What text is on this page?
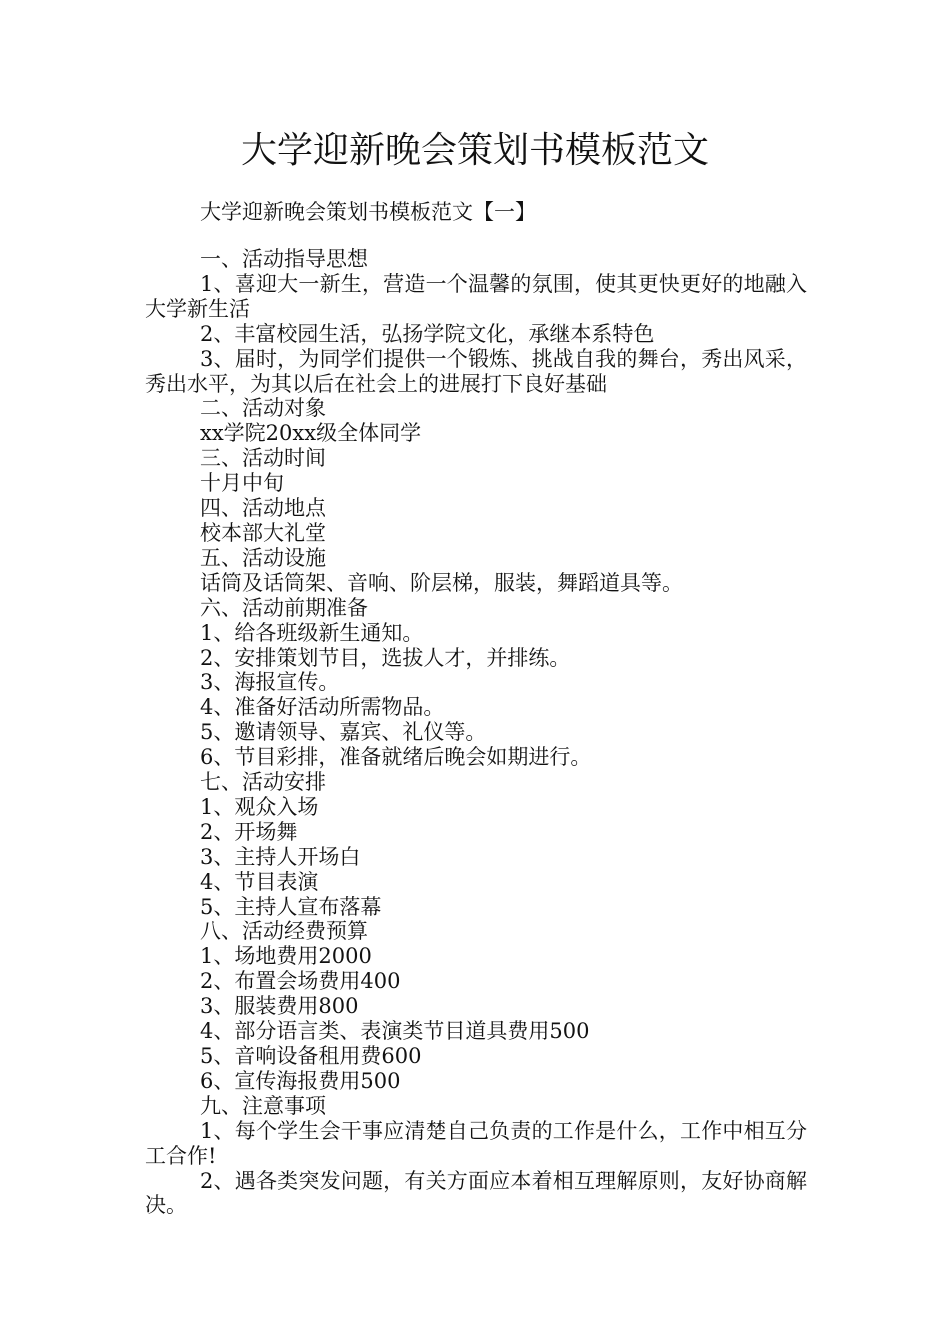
大学迎新晚会策划书模板范文
大学迎新晚会策划书模板范文【一】

一、活动指导思想

1、喜迎大一新生，营造一个温馨的氛围，使其更快更好的地融入大学新生活

2、丰富校园生活，弘扬学院文化，承继本系特色

3、届时，为同学们提供一个锻炼、挑战自我的舞台，秀出风采，秀出水平，为其以后在社会上的进展打下良好基础

二、活动对象

xx学院20xx级全体同学

三、活动时间

十月中旬

四、活动地点

校本部大礼堂

五、活动设施

话筒及话筒架、音响、阶层梯，服装，舞蹈道具等。

六、活动前期准备

1、给各班级新生通知。

2、安排策划节目，选拔人才，并排练。

3、海报宣传。

4、准备好活动所需物品。

5、邀请领导、嘉宾、礼仪等。

6、节目彩排，准备就绪后晚会如期进行。

七、活动安排

1、观众入场

2、开场舞

3、主持人开场白

4、节目表演

5、主持人宣布落幕

八、活动经费预算

1、场地费用2000

2、布置会场费用400

3、服装费用800

4、部分语言类、表演类节目道具费用500

5、音响设备租用费600

6、宣传海报费用500

九、注意事项

1、每个学生会干事应清楚自己负责的工作是什么，工作中相互分工合作!

2、遇各类突发问题，有关方面应本着相互理解原则，友好协商解决。
